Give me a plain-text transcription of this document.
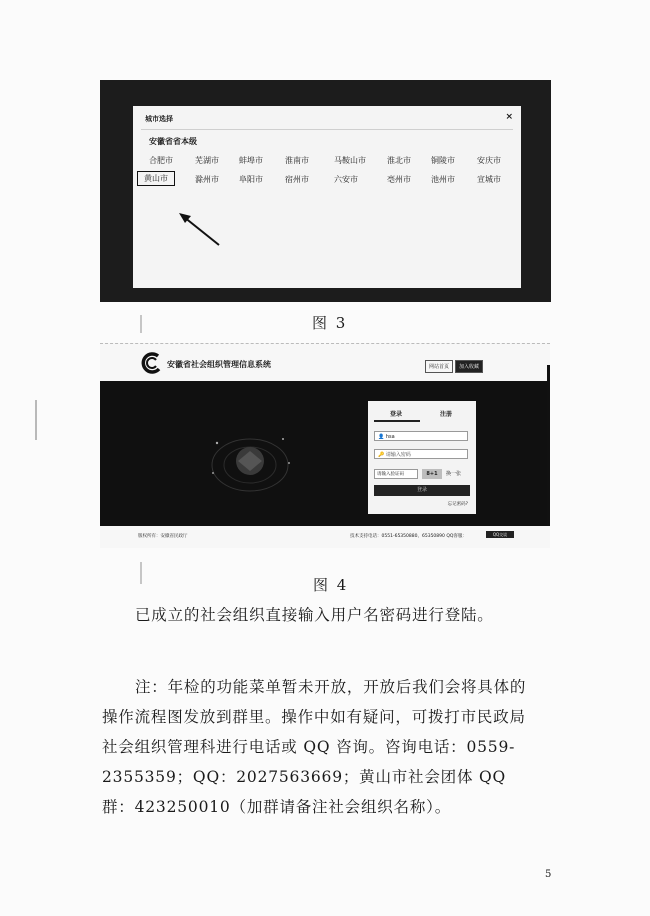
城市选择	×
安徽省省本级
合肥市	芜湖市	蚌埠市	淮南市	马鞍山市	淮北市	铜陵市	安庆市
黄山市	滁州市	阜阳市	宿州市	六安市	亳州市	池州市	宣城市
图 3
安徽省社会组织管理信息系统	网站首页	加入收藏
登录	注册
👤 hsa
🔑 请输入密码
请输入验证码	8+1	换一张
登录
忘记密码?
版权所有：安徽省民政厅	技术支持电话：0551-65350880、65350890 QQ客服：	QQ交谈
图 4
已成立的社会组织直接输入用户名密码进行登陆。
注：年检的功能菜单暂未开放，开放后我们会将具体的操作流程图发放到群里。操作中如有疑问，可拨打市民政局社会组织管理科进行电话或 QQ 咨询。咨询电话：0559-2355359；QQ：2027563669；黄山市社会团体 QQ 群：423250010（加群请备注社会组织名称）。
5
